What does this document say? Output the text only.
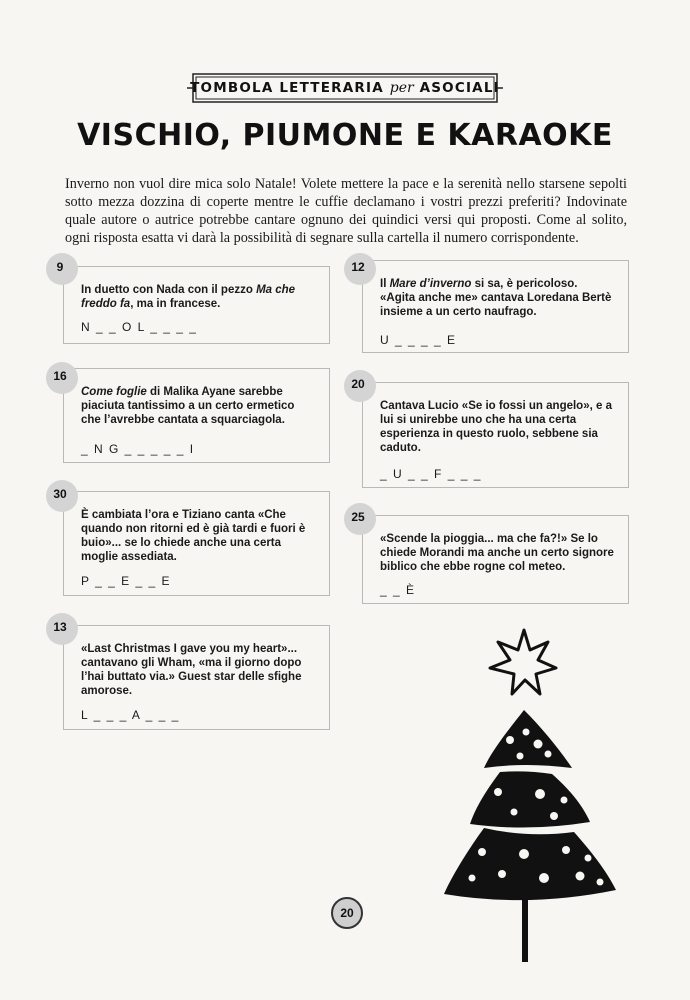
TOMBOLA LETTERARIA per ASOCIALI
VISCHIO, PIUMONE E KARAOKE
Inverno non vuol dire mica solo Natale! Volete mettere la pace e la serenità nello starsene sepolti sotto mezza dozzina di coperte mentre le cuffie declamano i vostri prezzi preferiti? Indovinate quale autore o autrice potrebbe cantare ognuno dei quindici versi qui proposti. Come al solito, ogni risposta esatta vi darà la possibilità di segnare sulla cartella il numero corrispondente.
In duetto con Nada con il pezzo Ma che freddo fa, ma in francese.
N _ _ O L _ _ _ _
9
Il Mare d’inverno si sa, è pericoloso. «Agita anche me» cantava Loredana Bertè insieme a un certo naufrago.
U _ _ _ _ E
12
Come foglie di Malika Ayane sarebbe piaciuta tantissimo a un certo ermetico che l’avrebbe cantata a squarciagola.
_ N G _ _ _ _ _ I
16
Cantava Lucio «Se io fossi un angelo», e a lui si unirebbe uno che ha una certa esperienza in questo ruolo, sebbene sia caduto.
_ U _ _ F _ _ _
20
È cambiata l’ora e Tiziano canta «Che quando non ritorni ed è già tardi e fuori è buio»... se lo chiede anche una certa moglie assediata.
P _ _ E _ _ E
30
«Scende la pioggia... ma che fa?!» Se lo chiede Morandi ma anche un certo signore biblico che ebbe rogne col meteo.
_ _ È
25
«Last Christmas I gave you my heart»... cantavano gli Wham, «ma il giorno dopo l’hai buttato via.» Guest star delle sfighe amorose.
L _ _ _ A _ _ _
13
20
